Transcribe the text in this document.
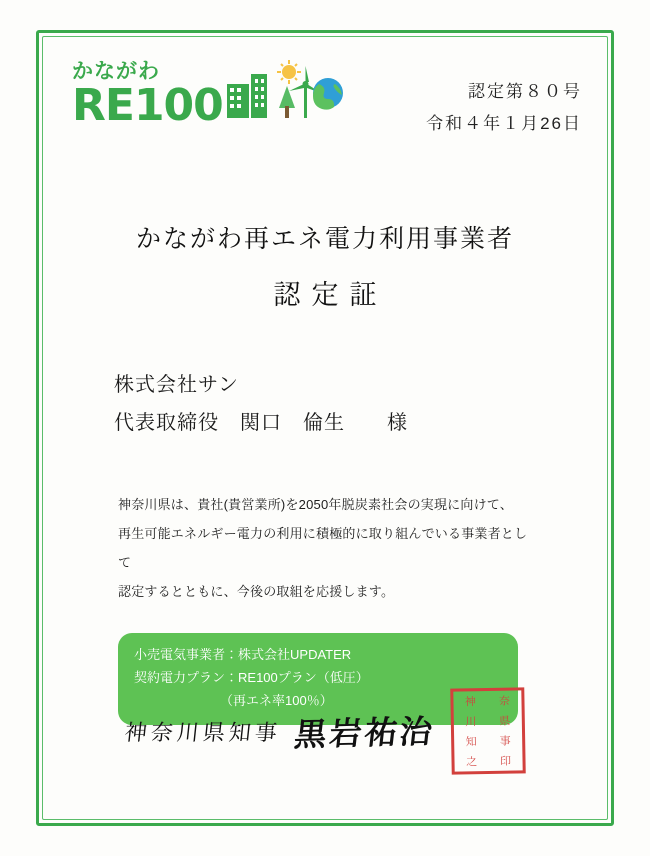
かながわ
RE100	認定第８０号
令和４年１月26日
かながわ再エネ電力利用事業者
認定証
株式会社サン
代表取締役　関口　倫生　　様
神奈川県は、貴社(貴営業所)を2050年脱炭素社会の実現に向けて、
再生可能エネルギー電力の利用に積極的に取り組んでいる事業者として
認定するとともに、今後の取組を応援します。
小売電気事業者：株式会社UPDATER
契約電力プラン：RE100プラン（低圧）
（再エネ率100％）
神奈川県知事 黒岩祐治
神 奈
川 県
知 事
之 印
